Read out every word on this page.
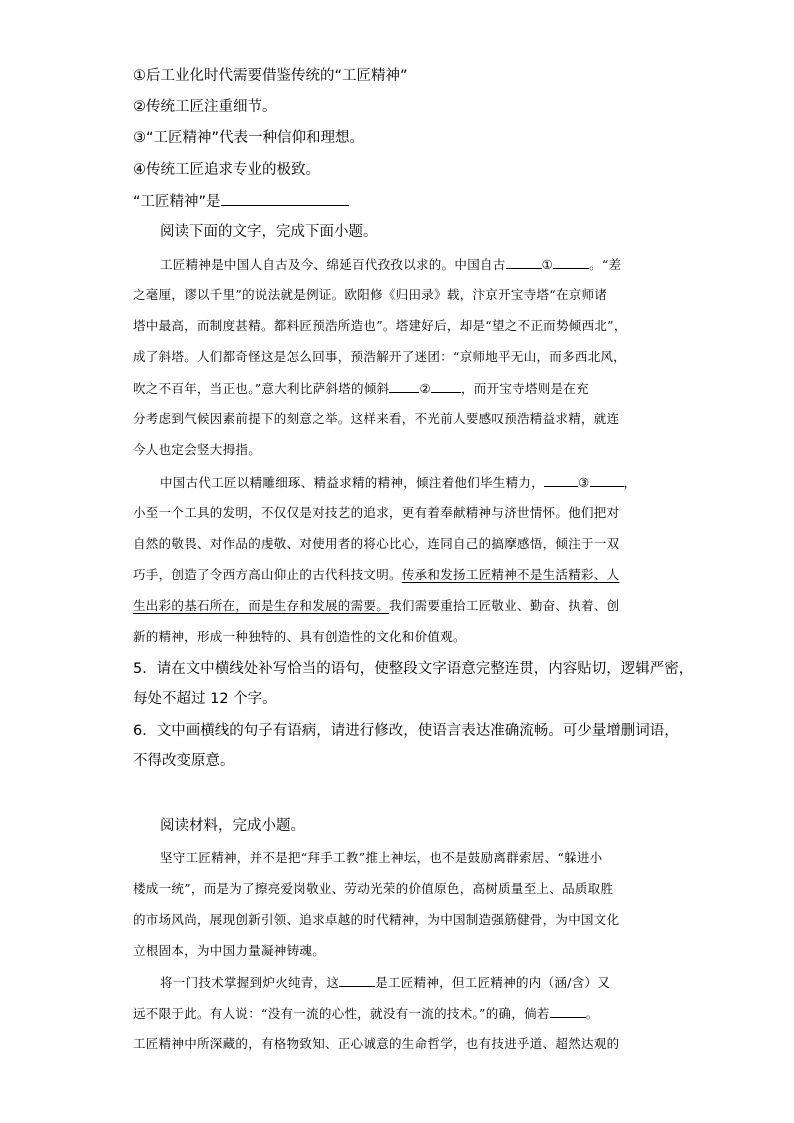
①后工业化时代需要借鉴传统的“工匠精神”
②传统工匠注重细节。
③“工匠精神”代表一种信仰和理想。
④传统工匠追求专业的极致。
“工匠精神”是
阅读下面的文字，完成下面小题。
工匠精神是中国人自古及今、绵延百代孜孜以求的。中国自古	①	。“差
之毫厘，谬以千里”的说法就是例证。欧阳修《归田录》载，汴京开宝寺塔“在京师诸
塔中最高，而制度甚精。都料匠预浩所造也”。塔建好后，却是“望之不正而势倾西北”，
成了斜塔。人们都奇怪这是怎么回事，预浩解开了迷团：“京师地平无山，而多西北风，
吹之不百年，当正也。”意大利比萨斜塔的倾斜 ② ，而开宝寺塔则是在充
分考虑到气候因素前提下的刻意之举。这样来看，不光前人要感叹预浩精益求精，就连
今人也定会竖大拇指。
中国古代工匠以精雕细琢、精益求精的精神，倾注着他们毕生精力，	③	，
小至一个工具的发明，不仅仅是对技艺的追求，更有着奉献精神与济世情怀。他们把对
自然的敬畏、对作品的虔敬、对使用者的将心比心，连同自己的搞摩感悟，倾注于一双
巧手，创造了令西方高山仰止的古代科技文明。传承和发扬工匠精神不是生活精彩、人
生出彩的基石所在，而是生存和发展的需要。我们需要重拾工匠敬业、勤奋、执着、创
新的精神，形成一种独特的、具有创造性的文化和价值观。
5．请在文中横线处补写恰当的语句，使整段文字语意完整连贯，内容贴切，逻辑严密，
每处不超过 12 个字。
6．文中画横线的句子有语病，请进行修改，使语言表达准确流畅。可少量增删词语，
不得改变原意。
阅读材料，完成小题。
坚守工匠精神，并不是把“拜手工教”推上神坛，也不是鼓励离群索居、“躲进小
楼成一统”，而是为了擦亮爱岗敬业、劳动光荣的价值原色，高树质量至上、品质取胜
的市场风尚，展现创新引领、追求卓越的时代精神，为中国制造强筋健骨，为中国文化
立根固本，为中国力量凝神铸魂。
将一门技术掌握到炉火纯青，这	是工匠精神，但工匠精神的内（涵/含）又
远不限于此。有人说：“没有一流的心性，就没有一流的技术。”的确，倘若	。
工匠精神中所深藏的，有格物致知、正心诚意的生命哲学，也有技进乎道、超然达观的
